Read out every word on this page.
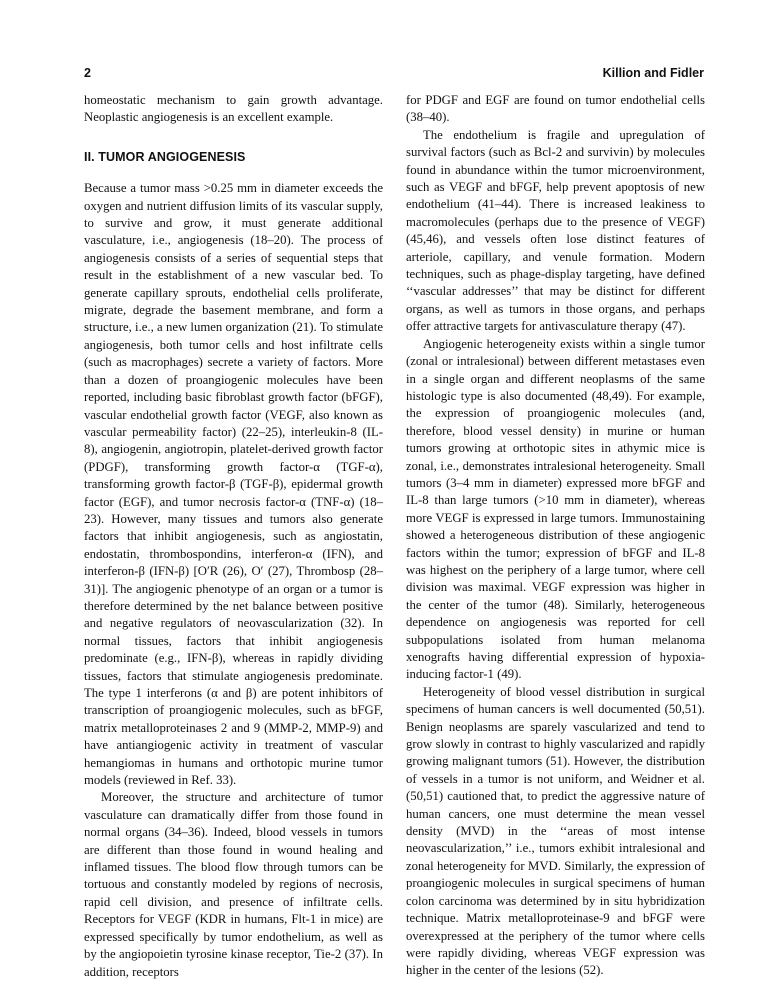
2	Killion and Fidler

homeostatic mechanism to gain growth advantage. Neoplastic angiogenesis is an excellent example.

II. TUMOR ANGIOGENESIS

Because a tumor mass >0.25 mm in diameter exceeds the oxygen and nutrient diffusion limits of its vascular supply, to survive and grow, it must generate additional vasculature, i.e., angiogenesis (18–20). The process of angiogenesis consists of a series of sequential steps that result in the establishment of a new vascular bed. To generate capillary sprouts, endothelial cells proliferate, migrate, degrade the basement membrane, and form a structure, i.e., a new lumen organization (21). To stimulate angiogenesis, both tumor cells and host infiltrate cells (such as macrophages) secrete a variety of factors. More than a dozen of proangiogenic molecules have been reported, including basic fibroblast growth factor (bFGF), vascular endothelial growth factor (VEGF, also known as vascular permeability factor) (22–25), interleukin-8 (IL-8), angiogenin, angiotropin, platelet-derived growth factor (PDGF), transforming growth factor-α (TGF-α), transforming growth factor-β (TGF-β), epidermal growth factor (EGF), and tumor necrosis factor-α (TNF-α) (18–23). However, many tissues and tumors also generate factors that inhibit angiogenesis, such as angiostatin, endostatin, thrombospondins, interferon-α (IFN), and interferon-β (IFN-β) [O′R (26), O′ (27), Thrombosp (28–31)]. The angiogenic phenotype of an organ or a tumor is therefore determined by the net balance between positive and negative regulators of neovascularization (32). In normal tissues, factors that inhibit angiogenesis predominate (e.g., IFN-β), whereas in rapidly dividing tissues, factors that stimulate angiogenesis predominate. The type 1 interferons (α and β) are potent inhibitors of transcription of proangiogenic molecules, such as bFGF, matrix metalloproteinases 2 and 9 (MMP-2, MMP-9) and have antiangiogenic activity in treatment of vascular hemangiomas in humans and orthotopic murine tumor models (reviewed in Ref. 33).

Moreover, the structure and architecture of tumor vasculature can dramatically differ from those found in normal organs (34–36). Indeed, blood vessels in tumors are different than those found in wound healing and inflamed tissues. The blood flow through tumors can be tortuous and constantly modeled by regions of necrosis, rapid cell division, and presence of infiltrate cells. Receptors for VEGF (KDR in humans, Flt-1 in mice) are expressed specifically by tumor endothelium, as well as by the angiopoietin tyrosine kinase receptor, Tie-2 (37). In addition, receptors

for PDGF and EGF are found on tumor endothelial cells (38–40).

The endothelium is fragile and upregulation of survival factors (such as Bcl-2 and survivin) by molecules found in abundance within the tumor microenvironment, such as VEGF and bFGF, help prevent apoptosis of new endothelium (41–44). There is increased leakiness to macromolecules (perhaps due to the presence of VEGF) (45,46), and vessels often lose distinct features of arteriole, capillary, and venule formation. Modern techniques, such as phage-display targeting, have defined ‘‘vascular addresses’’ that may be distinct for different organs, as well as tumors in those organs, and perhaps offer attractive targets for antivasculature therapy (47).

Angiogenic heterogeneity exists within a single tumor (zonal or intralesional) between different metastases even in a single organ and different neoplasms of the same histologic type is also documented (48,49). For example, the expression of proangiogenic molecules (and, therefore, blood vessel density) in murine or human tumors growing at orthotopic sites in athymic mice is zonal, i.e., demonstrates intralesional heterogeneity. Small tumors (3–4 mm in diameter) expressed more bFGF and IL-8 than large tumors (>10 mm in diameter), whereas more VEGF is expressed in large tumors. Immunostaining showed a heterogeneous distribution of these angiogenic factors within the tumor; expression of bFGF and IL-8 was highest on the periphery of a large tumor, where cell division was maximal. VEGF expression was higher in the center of the tumor (48). Similarly, heterogeneous dependence on angiogenesis was reported for cell subpopulations isolated from human melanoma xenografts having differential expression of hypoxia-inducing factor-1 (49).

Heterogeneity of blood vessel distribution in surgical specimens of human cancers is well documented (50,51). Benign neoplasms are sparely vascularized and tend to grow slowly in contrast to highly vascularized and rapidly growing malignant tumors (51). However, the distribution of vessels in a tumor is not uniform, and Weidner et al. (50,51) cautioned that, to predict the aggressive nature of human cancers, one must determine the mean vessel density (MVD) in the ‘‘areas of most intense neovascularization,’’ i.e., tumors exhibit intralesional and zonal heterogeneity for MVD. Similarly, the expression of proangiogenic molecules in surgical specimens of human colon carcinoma was determined by in situ hybridization technique. Matrix metalloproteinase-9 and bFGF were overexpressed at the periphery of the tumor where cells were rapidly dividing, whereas VEGF expression was higher in the center of the lesions (52).
